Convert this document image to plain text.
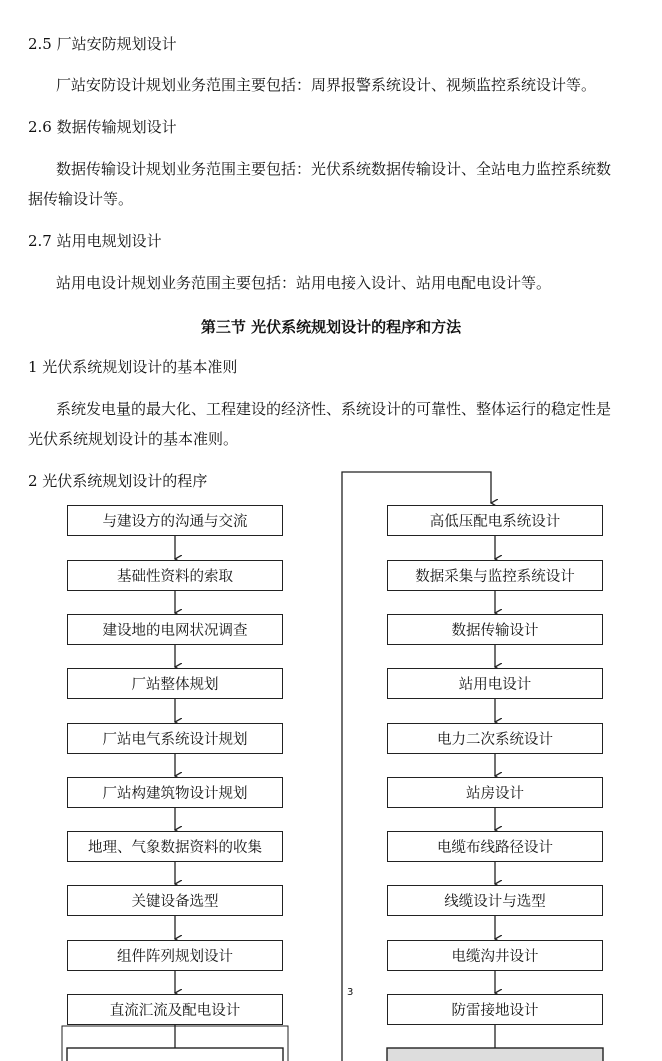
2.5 厂站安防规划设计

厂站安防设计规划业务范围主要包括：周界报警系统设计、视频监控系统设计等。

2.6 数据传输规划设计

数据传输设计规划业务范围主要包括：光伏系统数据传输设计、全站电力监控系统数

据传输设计等。

2.7 站用电规划设计

站用电设计规划业务范围主要包括：站用电接入设计、站用电配电设计等。

第三节 光伏系统规划设计的程序和方法

1 光伏系统规划设计的基本准则

系统发电量的最大化、工程建设的经济性、系统设计的可靠性、整体运行的稳定性是

光伏系统规划设计的基本准则。

2 光伏系统规划设计的程序

与建设方的沟通与交流
基础性资料的索取
建设地的电网状况调查
厂站整体规划
厂站电气系统设计规划
厂站构建筑物设计规划
地理、气象数据资料的收集
关键设备选型
组件阵列规划设计
直流汇流及配电设计
高低压配电系统设计
数据采集与监控系统设计
数据传输设计
站用电设计
电力二次系统设计
站房设计
电缆布线路径设计
线缆设计与选型
电缆沟井设计
防雷接地设计
3
